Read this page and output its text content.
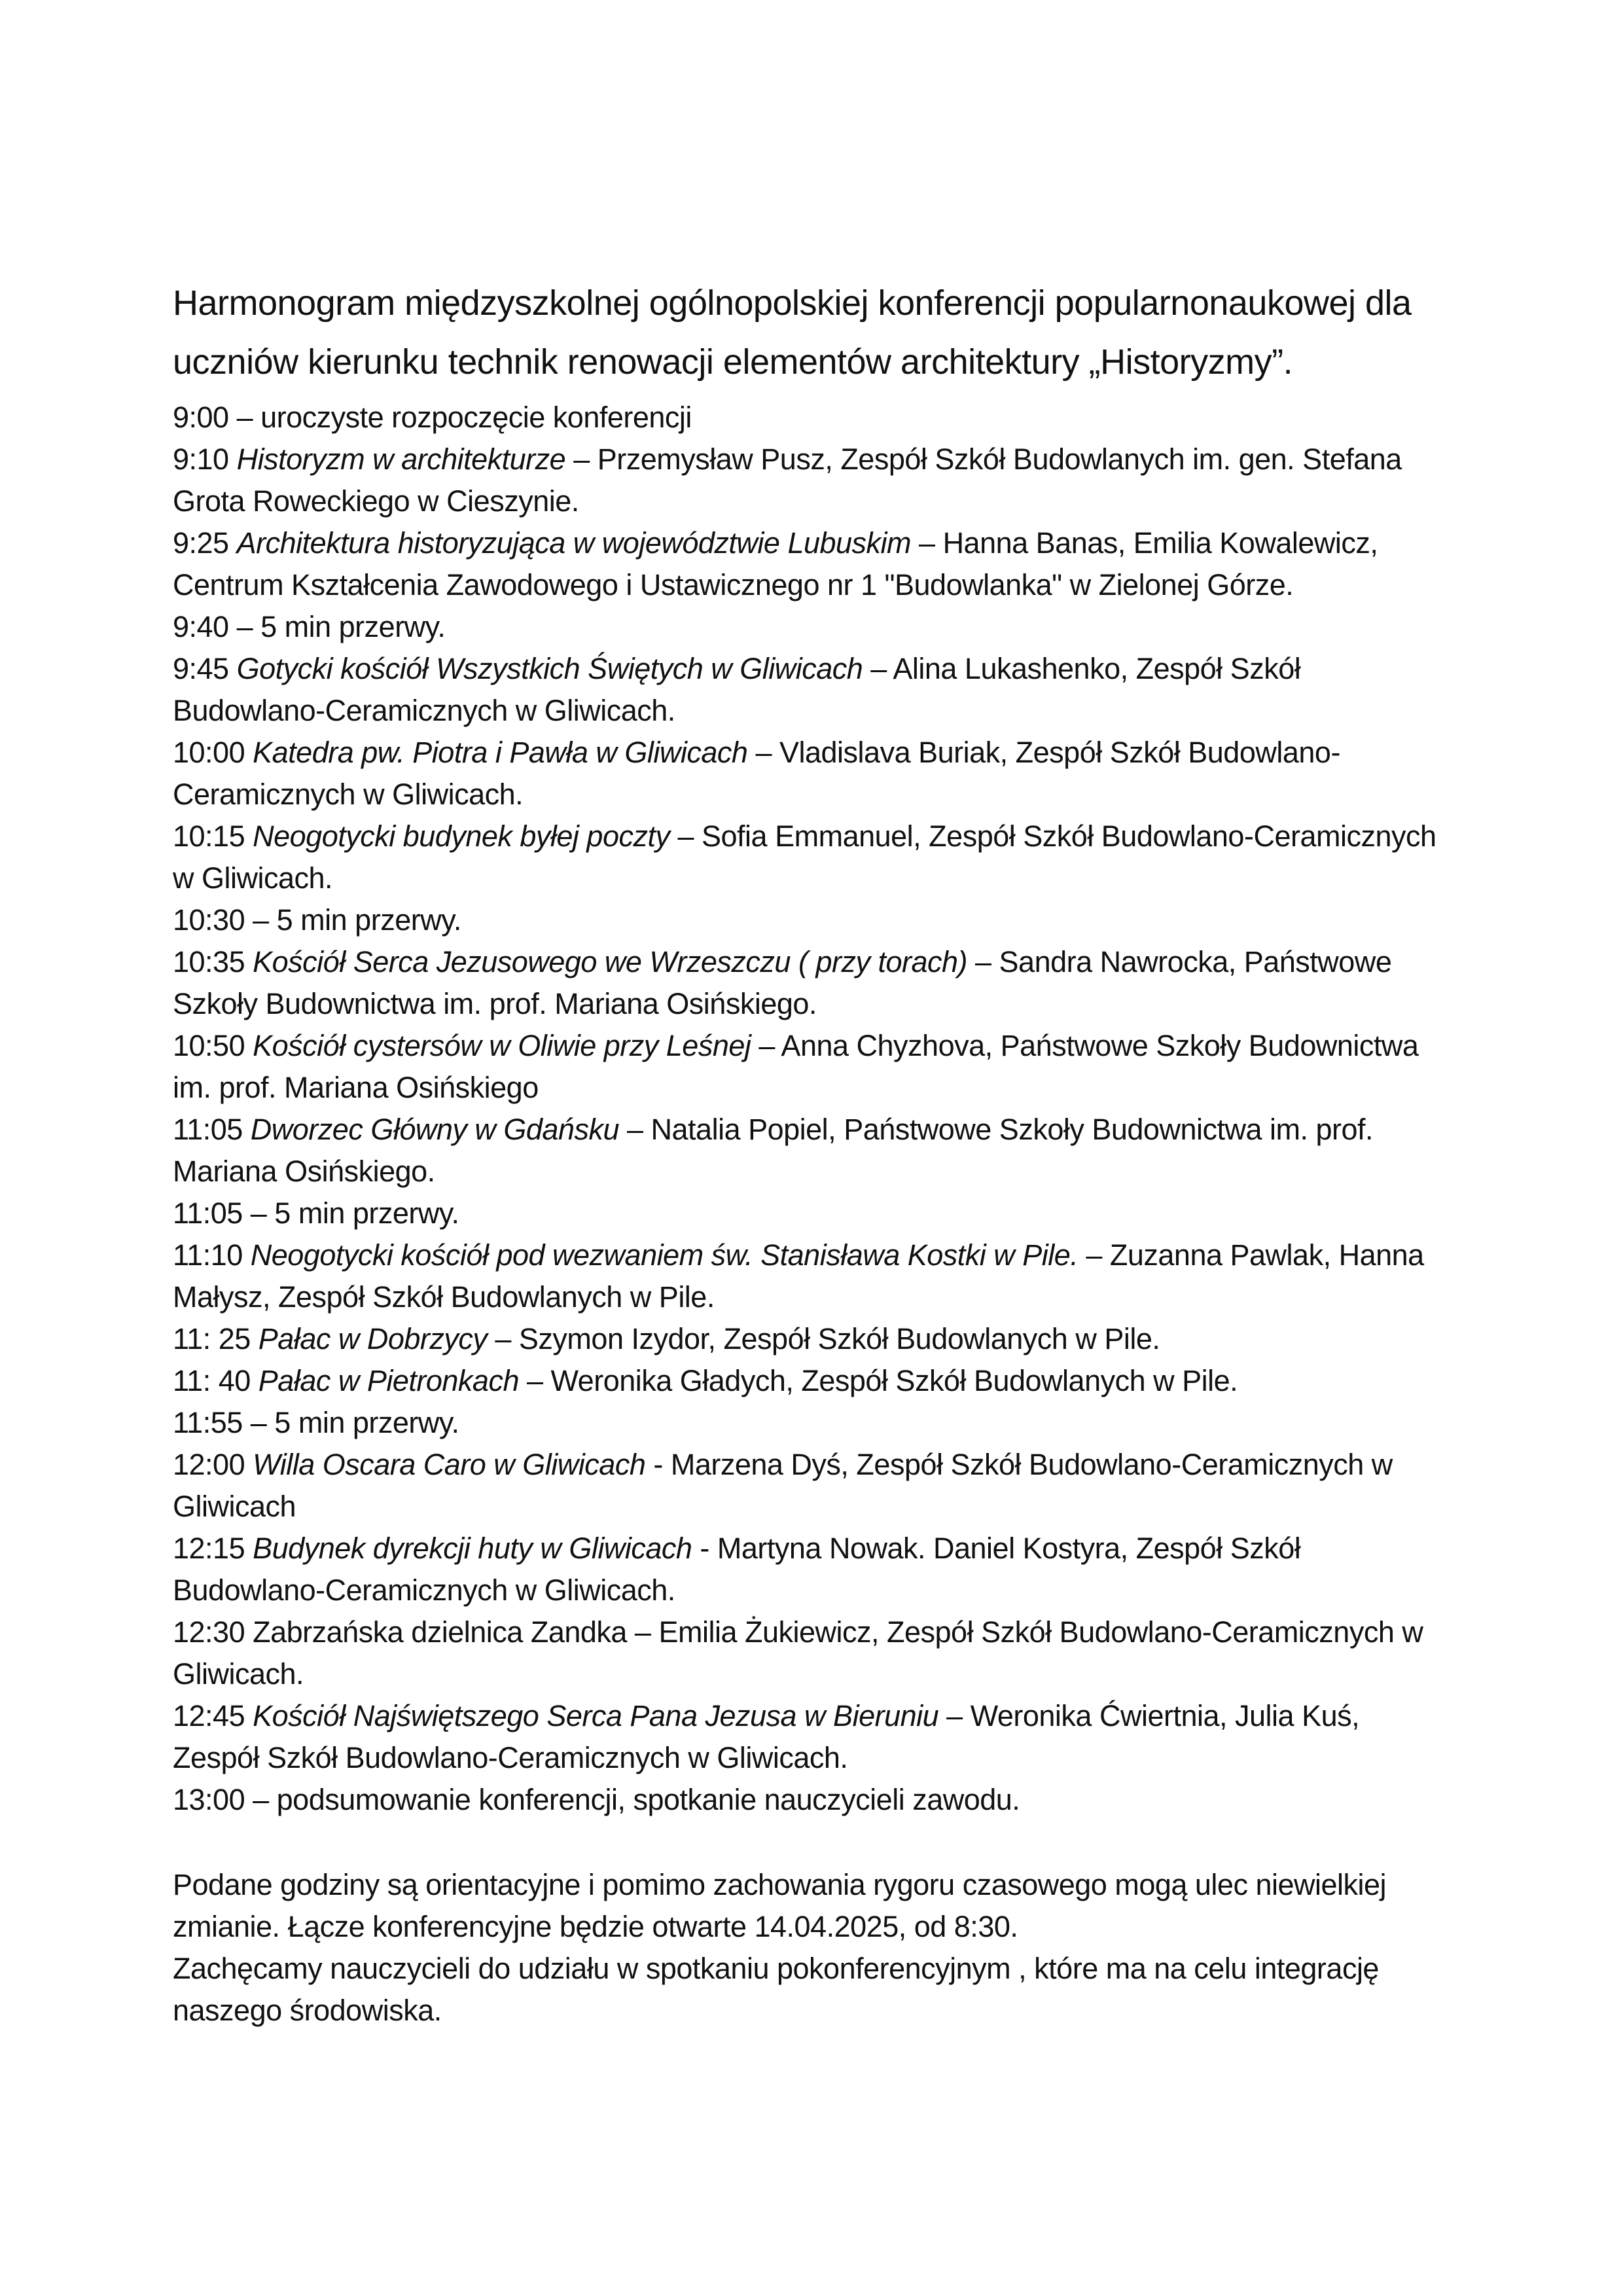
Harmonogram międzyszkolnej ogólnopolskiej konferencji popularnonaukowej dla uczniów kierunku technik renowacji elementów architektury „Historyzmy”.

9:00 – uroczyste rozpoczęcie konferencji

9:10 Historyzm w architekturze – Przemysław Pusz, Zespół Szkół Budowlanych im. gen. Stefana Grota Roweckiego w Cieszynie.

9:25 Architektura historyzująca w województwie Lubuskim – Hanna Banas, Emilia Kowalewicz, Centrum Kształcenia Zawodowego i Ustawicznego nr 1 "Budowlanka" w Zielonej Górze.

9:40 – 5 min przerwy.

9:45 Gotycki kościół Wszystkich Świętych w Gliwicach – Alina Lukashenko, Zespół Szkół Budowlano-Ceramicznych w Gliwicach.

10:00 Katedra pw. Piotra i Pawła w Gliwicach – Vladislava Buriak, Zespół Szkół Budowlano-Ceramicznych w Gliwicach.

10:15 Neogotycki budynek byłej poczty – Sofia Emmanuel, Zespół Szkół Budowlano-Ceramicznych w Gliwicach.

10:30 – 5 min przerwy.

10:35 Kościół Serca Jezusowego we Wrzeszczu ( przy torach) – Sandra Nawrocka, Państwowe Szkoły Budownictwa im. prof. Mariana Osińskiego.

10:50 Kościół cystersów w Oliwie przy Leśnej – Anna Chyzhova, Państwowe Szkoły Budownictwa im. prof. Mariana Osińskiego

11:05 Dworzec Główny w Gdańsku – Natalia Popiel, Państwowe Szkoły Budownictwa im. prof. Mariana Osińskiego.

11:05 – 5 min przerwy.

11:10 Neogotycki kościół pod wezwaniem św. Stanisława Kostki w Pile. – Zuzanna Pawlak, Hanna Małysz, Zespół Szkół Budowlanych w Pile.

11: 25 Pałac w Dobrzycy – Szymon Izydor, Zespół Szkół Budowlanych w Pile.

11: 40 Pałac w Pietronkach – Weronika Gładych, Zespół Szkół Budowlanych w Pile.

11:55 – 5 min przerwy.

12:00 Willa Oscara Caro w Gliwicach - Marzena Dyś, Zespół Szkół Budowlano-Ceramicznych w Gliwicach

12:15 Budynek dyrekcji huty w Gliwicach - Martyna Nowak. Daniel Kostyra, Zespół Szkół Budowlano-Ceramicznych w Gliwicach.

12:30 Zabrzańska dzielnica Zandka – Emilia Żukiewicz, Zespół Szkół Budowlano-Ceramicznych w Gliwicach.

12:45 Kościół Najświętszego Serca Pana Jezusa w Bieruniu – Weronika Ćwiertnia, Julia Kuś, Zespół Szkół Budowlano-Ceramicznych w Gliwicach.

13:00 – podsumowanie konferencji, spotkanie nauczycieli zawodu.

Podane godziny są orientacyjne i pomimo zachowania rygoru czasowego mogą ulec niewielkiej zmianie. Łącze konferencyjne będzie otwarte 14.04.2025, od 8:30.

Zachęcamy nauczycieli do udziału w spotkaniu pokonferencyjnym , które ma na celu integrację naszego środowiska.
